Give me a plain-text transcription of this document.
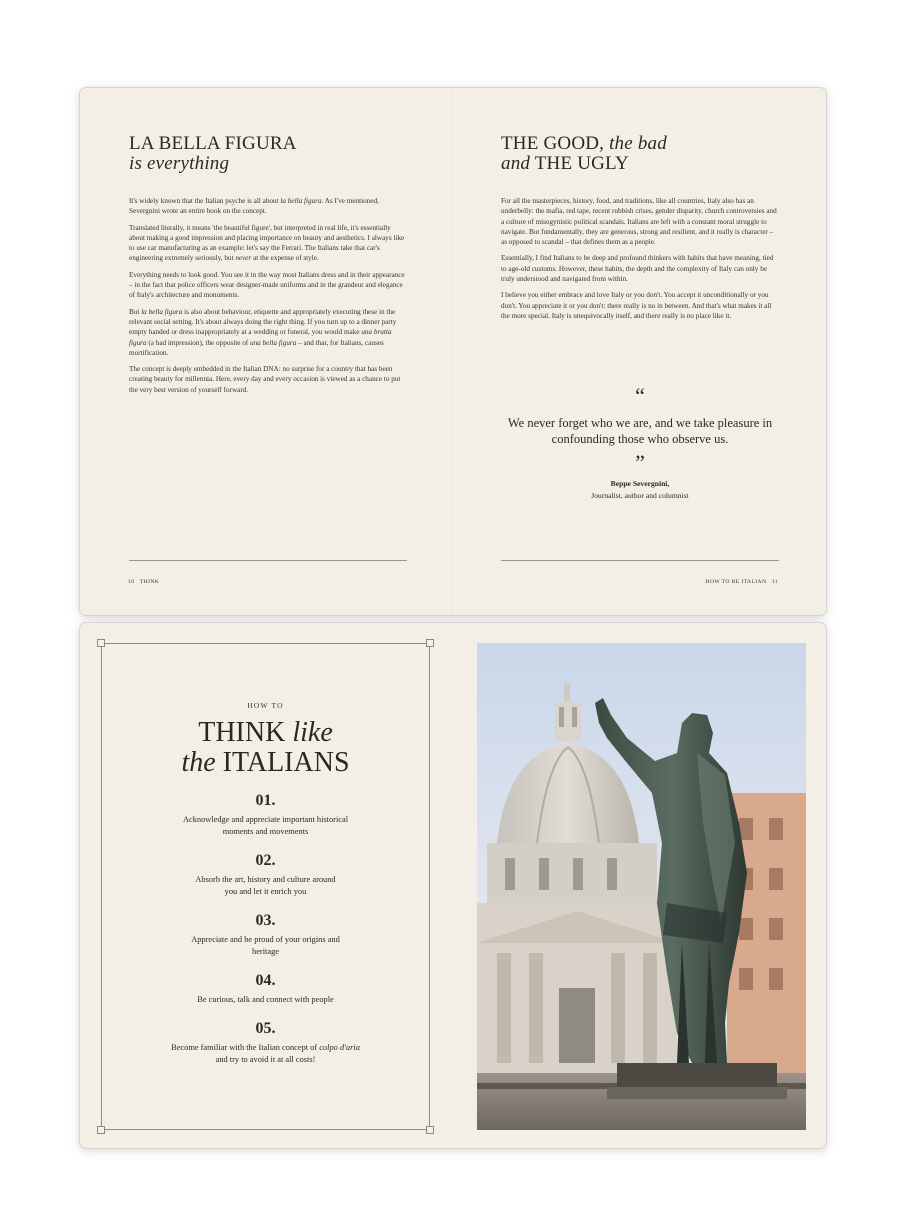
LA BELLA FIGURA
is everything

It's widely known that the Italian psyche is all about la bella figura. As I've mentioned, Severgnini wrote an entire book on the concept.

Translated literally, it means 'the beautiful figure', but interpreted in real life, it's essentially about making a good impression and placing importance on beauty and aesthetics. I always like to use car manufacturing as an example: let's say the Ferrari. The Italians take that car's engineering extremely seriously, but never at the expense of style.

Everything needs to look good. You see it in the way most Italians dress and in their appearance – in the fact that police officers wear designer-made uniforms and in the grandeur and elegance of Italy's architecture and monuments.

But la bella figura is also about behaviour, etiquette and appropriately executing these in the relevant social setting. It's about always doing the right thing. If you turn up to a dinner party empty handed or dress inappropriately at a wedding or funeral, you would make una brutta figura (a bad impression), the opposite of una bella figura – and that, for Italians, causes mortification.

The concept is deeply embedded in the Italian DNA: no surprise for a country that has been creating beauty for millennia. Here, every day and every occasion is viewed as a chance to put the very best version of yourself forward.

THE GOOD, the bad
and THE UGLY

For all the masterpieces, history, food, and traditions, like all countries, Italy also has an underbelly: the mafia, red tape, recent rubbish crises, gender disparity, church controversies and a culture of misogynistic political scandals. Italians are left with a constant moral struggle to navigate. But fundamentally, they are generous, strong and resilient, and it really is character – as opposed to scandal – that defines them as a people.

Essentially, I find Italians to be deep and profound thinkers with habits that have meaning, tied to age-old customs. However, these habits, the depth and the complexity of Italy can only be truly understood and navigated from within.

I believe you either embrace and love Italy or you don't. You accept it unconditionally or you don't. You appreciate it or you don't: there really is no in between. And that's what makes it all the more special. Italy is unequivocally itself, and there really is no place like it.

“
We never forget who we are, and we take pleasure in confounding those who observe us.
”
Beppe Severgnini,
Journalist, author and columnist
10 THINK	HOW TO BE ITALIAN 11
HOW TO
THINK like
the ITALIANS
01.
Acknowledge and appreciate important historical moments and movements
02.
Absorb the art, history and culture around you and let it enrich you
03.
Appreciate and be proud of your origins and heritage
04.
Be curious, talk and connect with people
05.
Become familiar with the Italian concept of colpo d'aria and try to avoid it at all costs!
